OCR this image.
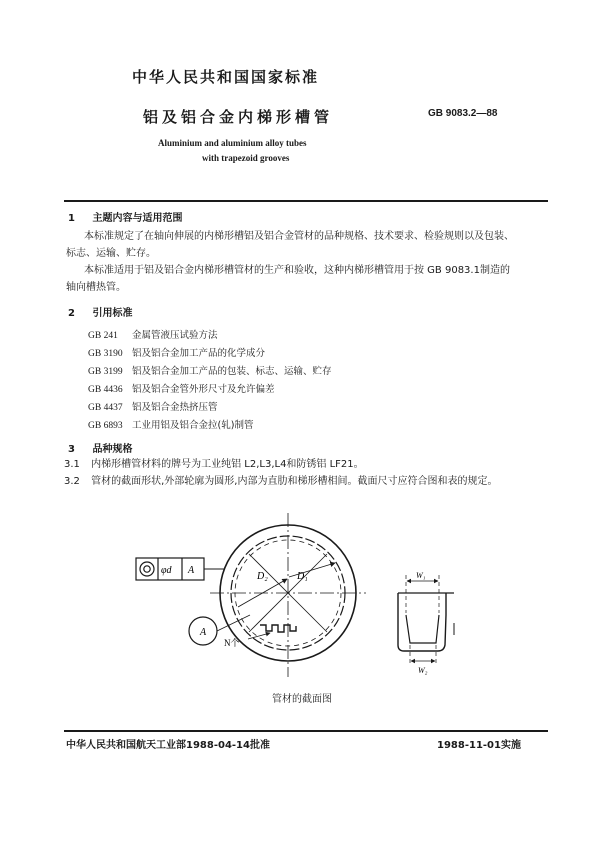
中华人民共和国国家标准
铝及铝合金内梯形槽管	GB 9083.2—88
Aluminium and aluminium alloy tubes
with trapezoid grooves
1 主题内容与适用范围
本标准规定了在轴向伸展的内梯形槽铝及铝合金管材的品种规格、技术要求、检验规则以及包装、
标志、运输、贮存。
本标准适用于铝及铝合金内梯形槽管材的生产和验收，这种内梯形槽管用于按 GB 9083.1制造的
轴向槽热管。
2 引用标准
GB 241 金属管液压试验方法
GB 3190 铝及铝合金加工产品的化学成分
GB 3199 铝及铝合金加工产品的包装、标志、运输、贮存
GB 4436 铝及铝合金管外形尺寸及允许偏差
GB 4437 铝及铝合金热挤压管
GB 6893 工业用铝及铝合金拉(轧)制管
3 品种规格
3.1 内梯形槽管材料的牌号为工业纯铝 L2,L3,L4和防锈铝 LF21。
3.2 管材的截面形状,外部轮廓为圆形,内部为直肋和梯形槽相间。截面尺寸应符合图和表的规定。
φd A
D₂	D₁
A
N个
W₁
W₂
管材的截面图
中华人民共和国航天工业部1988-04-14批准	1988-11-01实施
